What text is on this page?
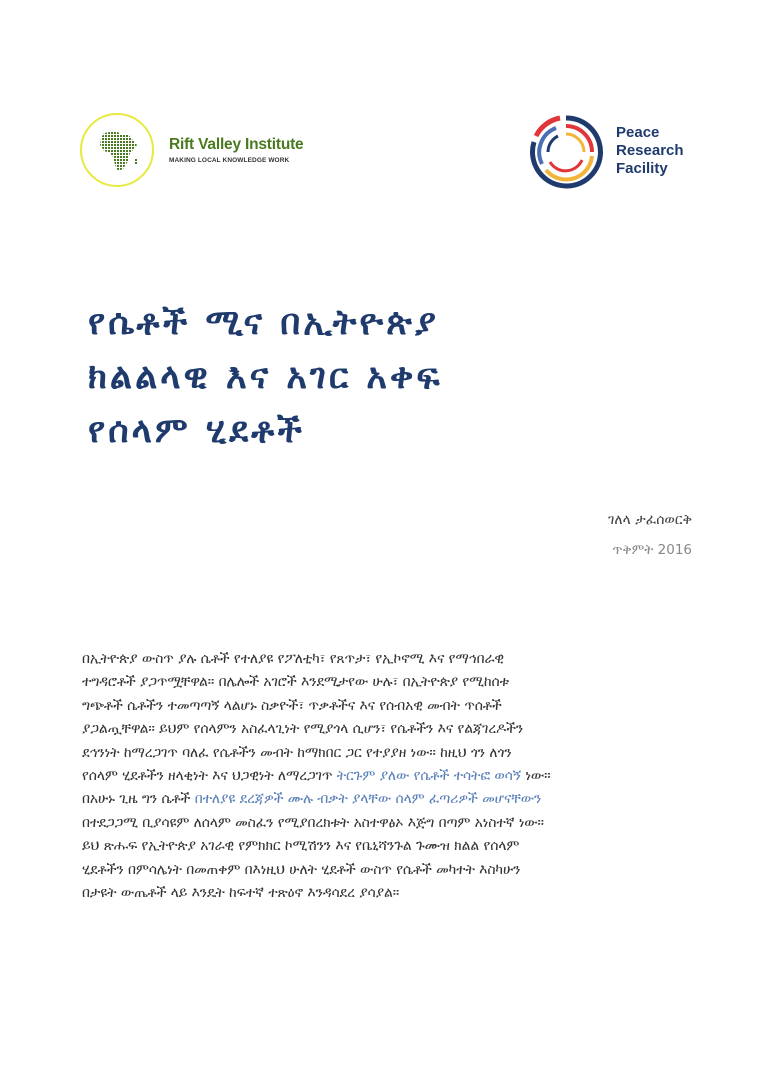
Rift Valley Institute
MAKING LOCAL KNOWLEDGE WORK
Peace
Research
Facility
የሴቶች ሚና በኢትዮጵያ
ክልልላዊ እና አገር አቀፍ
የሰላም ሂደቶች
ገለላ ታፈሰወርቅ
ጥቅምት 2016
በኢትዮጵያ ውስጥ ያሉ ሴቶች የተለያዩ የፖለቲካ፣ የጸጥታ፣ የኢኮኖሚ እና የማኅበራዊ
ተግዳሮቶች ያጋጥሟቸዋል። በሌሎች አገሮች እንደሚታየው ሁሉ፣ በኢትዮጵያ የሚከሰቱ
ግጭቶች ሴቶችን ተመጣጣኝ ላልሆኑ ስቃዮች፣ ጥቃቶችና እና የሰብአዊ መብት ጥሰቶች
ያጋልጧቸዋል። ይህም የሰላምን አስፈላጊነት የሚያጎላ ሲሆን፣ የሴቶችን እና የልጃገረዶችን
ደኅንነት ከማረጋገጥ ባለፈ የሴቶችን መብት ከማክበር ጋር የተያያዘ ነው። ከዚህ ጎን ለጎን
የሰላም ሂደቶችን ዘላቂነት እና ህጋዊነት ለማረጋገጥ ትርጉም ያለው የሴቶች ተሳትፎ ወሳኝ ነው።
በአሁኑ ጊዜ ግን ሴቶች በተለያዩ ደረጃዎች ሙሉ ብቃት ያላቸው ሰላም ፈጣሪዎች መሆናቸውን
በተደጋጋሚ ቢያሳዩም ለሰላም መስፈን የሚያበረክቱት አስተዋፅኦ እጅግ በጣም አነስተኛ ነው።
ይህ ጽሑፍ የኢትዮጵያ አገራዊ የምክክር ኮሚሽንን እና የቤኒሻንጉል ጉሙዝ ክልል የሰላም
ሂደቶችን በምሳሌነት በመጠቀም በእነዚህ ሁለት ሂደቶች ውስጥ የሴቶች መካተት እስካሁን
በታዩት ውጤቶች ላይ እንዴት ከፍተኛ ተጽዕኖ እንዳሳደረ ያሳያል።
